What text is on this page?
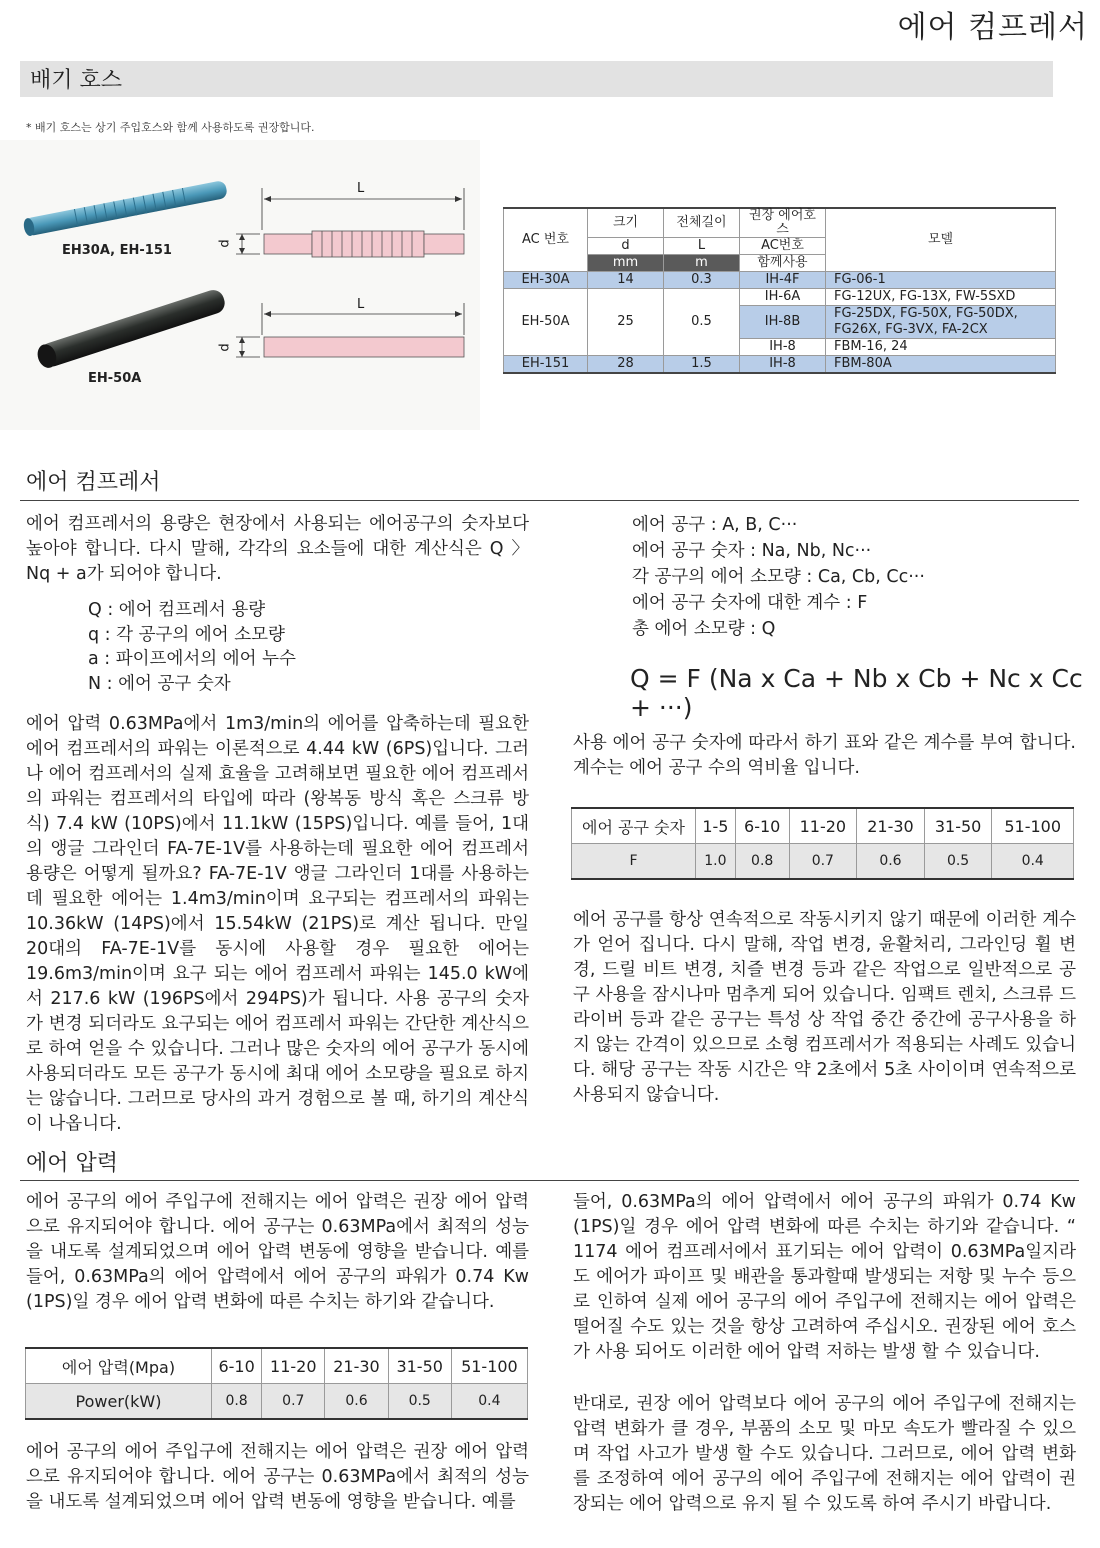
에어 컴프레서
배기 호스
* 배기 호스는 상기 주입호스와 함께 사용하도록 권장합니다.
EH30A, EH-151
EH-50A
L
d
L
d
AC 번호	크기	전체길이	권장 에어호스	모델
	d	L	AC번호	
	mm	m	함께사용	
EH-30A	14	0.3	IH-4F	FG-06-1
EH-50A	25	0.5	IH-6A	FG-12UX, FG-13X, FW-5SXD
			IH-8B	FG-25DX, FG-50X, FG-50DX,
FG26X, FG-3VX, FA-2CX

			IH-8	FBM-16, 24
EH-151	28	1.5	IH-8	FBM-80A
에어 컴프레서
에어 컴프레서의 용량은 현장에서 사용되는 에어공구의 숫자보다 높아야 합니다. 다시 말해, 각각의 요소들에 대한 계산식은 Q 〉 Nq + a가 되어야 합니다.
Q : 에어 컴프레서 용량
q : 각 공구의 에어 소모량
a : 파이프에서의 에어 누수
N : 에어 공구 숫자
에어 압력 0.63MPa에서 1m3/min의 에어를 압축하는데 필요한 에어 컴프레서의 파워는 이론적으로 4.44 kW (6PS)입니다. 그러나 에어 컴프레서의 실제 효율을 고려해보면 필요한 에어 컴프레서의 파워는 컴프레서의 타입에 따라 (왕복동 방식 혹은 스크류 방식) 7.4 kW (10PS)에서 11.1kW (15PS)입니다. 예를 들어, 1대의 앵글 그라인더 FA-7E-1V를 사용하는데 필요한 에어 컴프레서 용량은 어떻게 될까요? FA-7E-1V 앵글 그라인더 1대를 사용하는데 필요한 에어는 1.4m3/min이며 요구되는 컴프레서의 파워는 10.36kW (14PS)에서 15.54kW (21PS)로 계산 됩니다. 만일 20대의 FA-7E-1V를 동시에 사용할 경우 필요한 에어는 19.6m3/min이며 요구 되는 에어 컴프레서 파워는 145.0 kW에서 217.6 kW (196PS에서 294PS)가 됩니다. 사용 공구의 숫자가 변경 되더라도 요구되는 에어 컴프레서 파워는 간단한 계산식으로 하여 얻을 수 있습니다. 그러나 많은 숫자의 에어 공구가 동시에 사용되더라도 모든 공구가 동시에 최대 에어 소모량을 필요로 하지는 않습니다. 그러므로 당사의 과거 경험으로 볼 때, 하기의 계산식이 나옵니다.
에어 공구 : A, B, C···
에어 공구 숫자 : Na, Nb, Nc···
각 공구의 에어 소모량 : Ca, Cb, Cc···
에어 공구 숫자에 대한 계수 : F
총 에어 소모량 : Q
Q = F (Na x Ca + Nb x Cb + Nc x Cc + ···)
사용 에어 공구 숫자에 따라서 하기 표와 같은 계수를 부여 합니다. 계수는 에어 공구 수의 역비율 입니다.
에어 공구 숫자	1-5	6-10	11-20	21-30	31-50	51-100
F	1.0	0.8	0.7	0.6	0.5	0.4
에어 공구를 항상 연속적으로 작동시키지 않기 때문에 이러한 계수가 얻어 집니다. 다시 말해, 작업 변경, 윤활처리, 그라인딩 휠 변경, 드릴 비트 변경, 치즐 변경 등과 같은 작업으로 일반적으로 공구 사용을 잠시나마 멈추게 되어 있습니다. 임팩트 렌치, 스크류 드라이버 등과 같은 공구는 특성 상 작업 중간 중간에 공구사용을 하지 않는 간격이 있으므로 소형 컴프레서가 적용되는 사례도 있습니다. 해당 공구는 작동 시간은 약 2초에서 5초 사이이며 연속적으로 사용되지 않습니다.
에어 압력
에어 공구의 에어 주입구에 전해지는 에어 압력은 권장 에어 압력으로 유지되어야 합니다. 에어 공구는 0.63MPa에서 최적의 성능을 내도록 설계되었으며 에어 압력 변동에 영향을 받습니다. 예를들어, 0.63MPa의 에어 압력에서 에어 공구의 파워가 0.74 Kw (1PS)일 경우 에어 압력 변화에 따른 수치는 하기와 같습니다.
에어 압력(Mpa)	6-10	11-20	21-30	31-50	51-100
Power(kW)	0.8	0.7	0.6	0.5	0.4
에어 공구의 에어 주입구에 전해지는 에어 압력은 권장 에어 압력으로 유지되어야 합니다. 에어 공구는 0.63MPa에서 최적의 성능을 내도록 설계되었으며 에어 압력 변동에 영향을 받습니다. 예를
들어, 0.63MPa의 에어 압력에서 에어 공구의 파워가 0.74 Kw (1PS)일 경우 에어 압력 변화에 따른 수치는 하기와 같습니다. “ 1174 에어 컴프레서에서 표기되는 에어 압력이 0.63MPa일지라도 에어가 파이프 및 배관을 통과할때 발생되는 저항 및 누수 등으로 인하여 실제 에어 공구의 에어 주입구에 전해지는 에어 압력은 떨어질 수도 있는 것을 항상 고려하여 주십시오. 권장된 에어 호스가 사용 되어도 이러한 에어 압력 저하는 발생 할 수 있습니다.
반대로, 권장 에어 압력보다 에어 공구의 에어 주입구에 전해지는 압력 변화가 클 경우, 부품의 소모 및 마모 속도가 빨라질 수 있으며 작업 사고가 발생 할 수도 있습니다. 그러므로, 에어 압력 변화를 조정하여 에어 공구의 에어 주입구에 전해지는 에어 압력이 권장되는 에어 압력으로 유지 될 수 있도록 하여 주시기 바랍니다.
